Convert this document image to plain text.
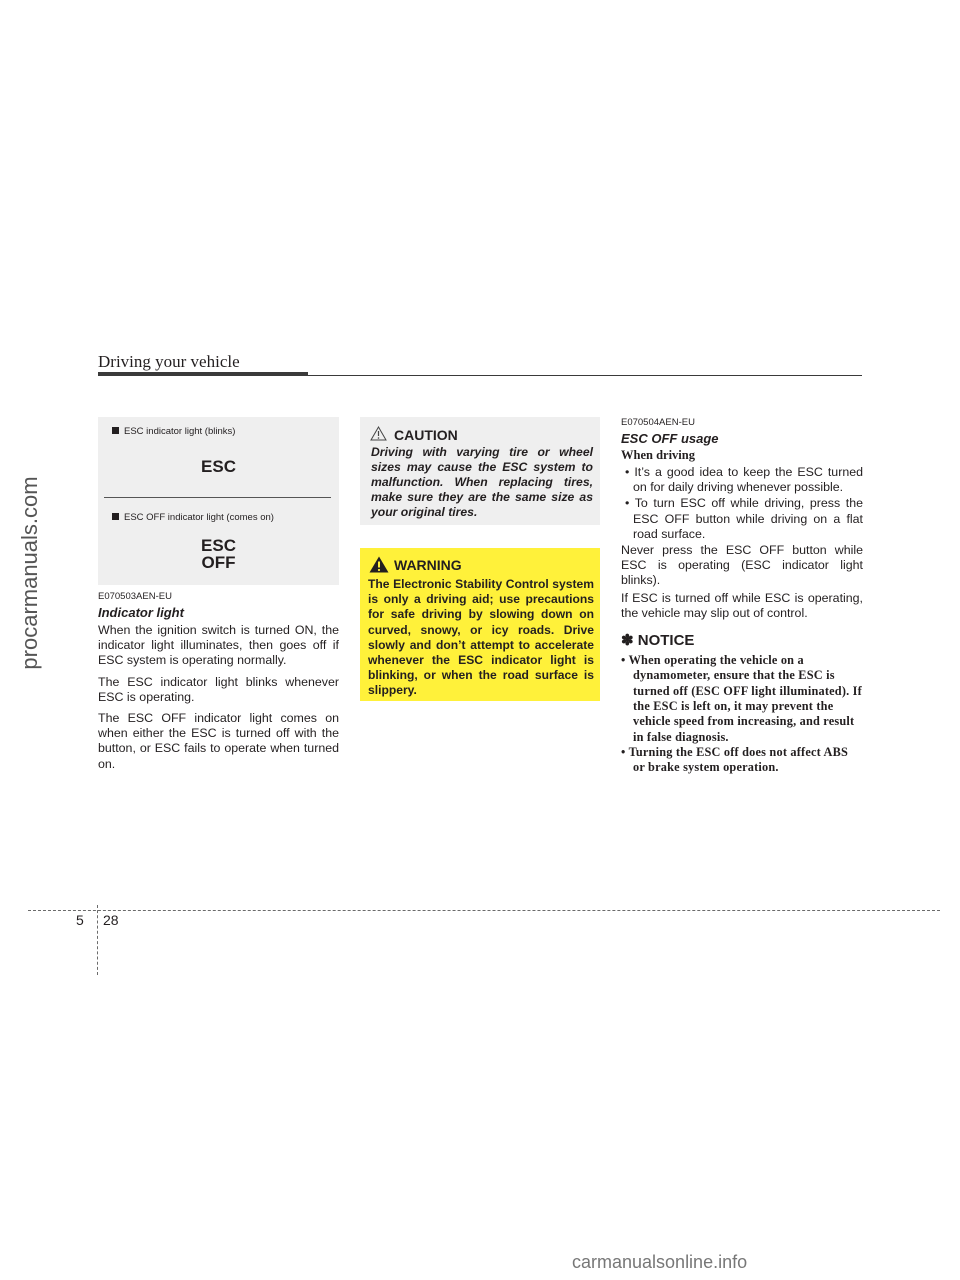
Driving your vehicle
ESC indicator light (blinks)
ESC
ESC OFF indicator light (comes on)
ESC
OFF
E070503AEN-EU
Indicator light

When the ignition switch is turned ON, the indicator light illuminates, then goes off if ESC system is operating normally.

The ESC indicator light blinks whenever ESC is operating.

The ESC OFF indicator light comes on when either the ESC is turned off with the button, or ESC fails to operate when turned on.

CAUTION
Driving with varying tire or wheel sizes may cause the ESC system to malfunction. When replacing tires, make sure they are the same size as your original tires.
WARNING
The Electronic Stability Control system is only a driving aid; use precautions for safe driving by slowing down on curved, snowy, or icy roads. Drive slowly and don’t attempt to accelerate whenever the ESC indicator light is blinking, or when the road surface is slippery.
E070504AEN-EU
ESC OFF usage
When driving
• It’s a good idea to keep the ESC turned on for daily driving whenever possible.
• To turn ESC off while driving, press the ESC OFF button while driving on a flat road surface.

Never press the ESC OFF button while ESC is operating (ESC indicator light blinks).

If ESC is turned off while ESC is operating, the vehicle may slip out of control.

✽ NOTICE
• When operating the vehicle on a dynamometer, ensure that the ESC is turned off (ESC OFF light illuminated). If the ESC is left on, it may prevent the vehicle speed from increasing, and result in false diagnosis.
• Turning the ESC off does not affect ABS or brake system operation.
5 28
procarmanuals.com
carmanualsonline.info
